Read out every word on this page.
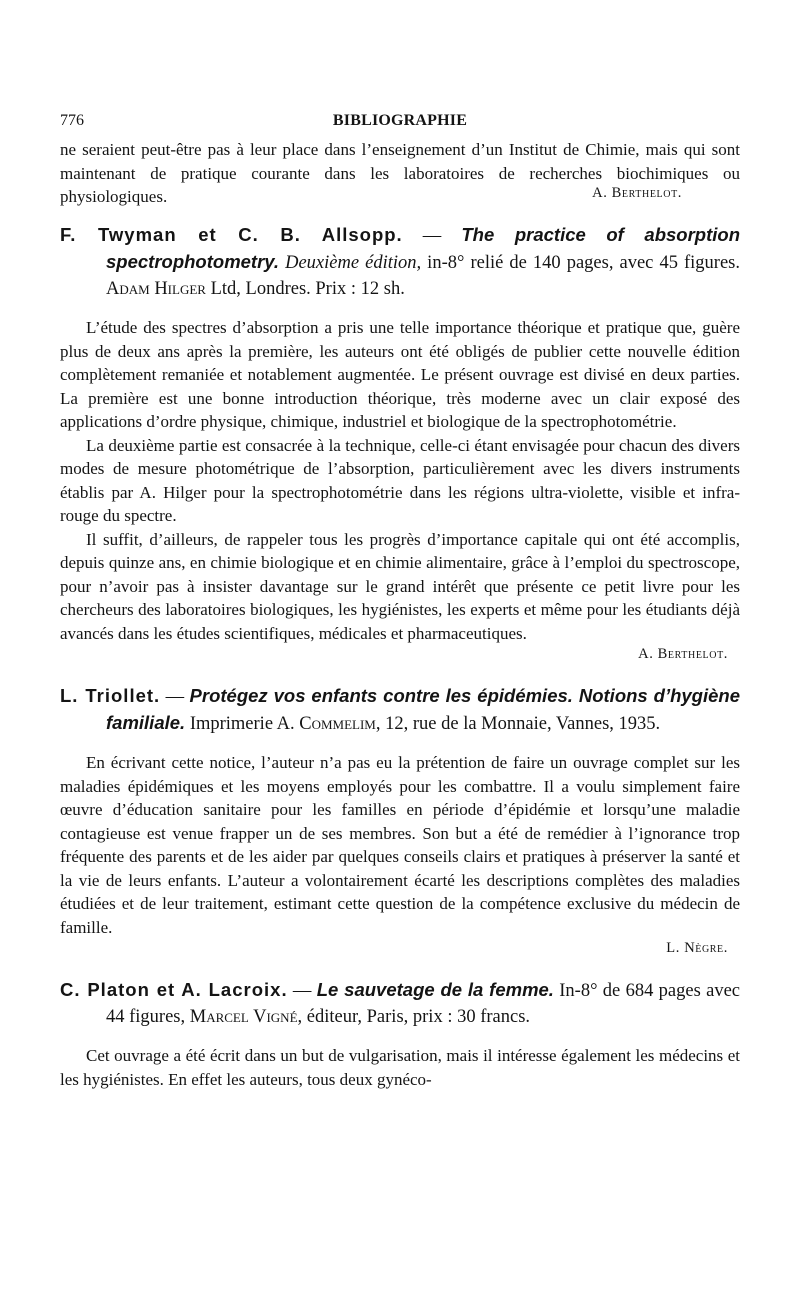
776	BIBLIOGRAPHIE

ne seraient peut-être pas à leur place dans l’enseignement d’un Institut de Chimie, mais qui sont maintenant de pratique courante dans les laboratoires de recherches biochimiques ou physiologiques.	A. Berthelot.
F. Twyman et C. B. Allsopp. — The practice of absorption spectrophotometry. Deuxième édition, in-8° relié de 140 pages, avec 45 figures. Adam Hilger Ltd, Londres. Prix : 12 sh.

L’étude des spectres d’absorption a pris une telle importance théorique et pratique que, guère plus de deux ans après la première, les auteurs ont été obligés de publier cette nouvelle édition complètement remaniée et notablement augmentée. Le présent ouvrage est divisé en deux parties. La première est une bonne introduction théorique, très moderne avec un clair exposé des applications d’ordre physique, chimique, industriel et biologique de la spectrophotométrie.

La deuxième partie est consacrée à la technique, celle-ci étant envisagée pour chacun des divers modes de mesure photométrique de l’absorption, particulièrement avec les divers instruments établis par A. Hilger pour la spectrophotométrie dans les régions ultra-violette, visible et infra-rouge du spectre.

Il suffit, d’ailleurs, de rappeler tous les progrès d’importance capitale qui ont été accomplis, depuis quinze ans, en chimie biologique et en chimie alimentaire, grâce à l’emploi du spectroscope, pour n’avoir pas à insister davantage sur le grand intérêt que présente ce petit livre pour les chercheurs des laboratoires biologiques, les hygiénistes, les experts et même pour les étudiants déjà avancés dans les études scientifiques, médicales et pharmaceutiques.

A. Berthelot.
L. Triollet. — Protégez vos enfants contre les épidémies. Notions d’hygiène familiale. Imprimerie A. Commelim, 12, rue de la Monnaie, Vannes, 1935.

En écrivant cette notice, l’auteur n’a pas eu la prétention de faire un ouvrage complet sur les maladies épidémiques et les moyens employés pour les combattre. Il a voulu simplement faire œuvre d’éducation sanitaire pour les familles en période d’épidémie et lorsqu’une maladie contagieuse est venue frapper un de ses membres. Son but a été de remédier à l’ignorance trop fréquente des parents et de les aider par quelques conseils clairs et pratiques à préserver la santé et la vie de leurs enfants. L’auteur a volontairement écarté les descriptions complètes des maladies étudiées et de leur traitement, estimant cette question de la compétence exclusive du médecin de famille.

L. Nègre.
C. Platon et A. Lacroix. — Le sauvetage de la femme. In-8° de 684 pages avec 44 figures, Marcel Vigné, éditeur, Paris, prix : 30 francs.

Cet ouvrage a été écrit dans un but de vulgarisation, mais il intéresse également les médecins et les hygiénistes. En effet les auteurs, tous deux gynéco-
